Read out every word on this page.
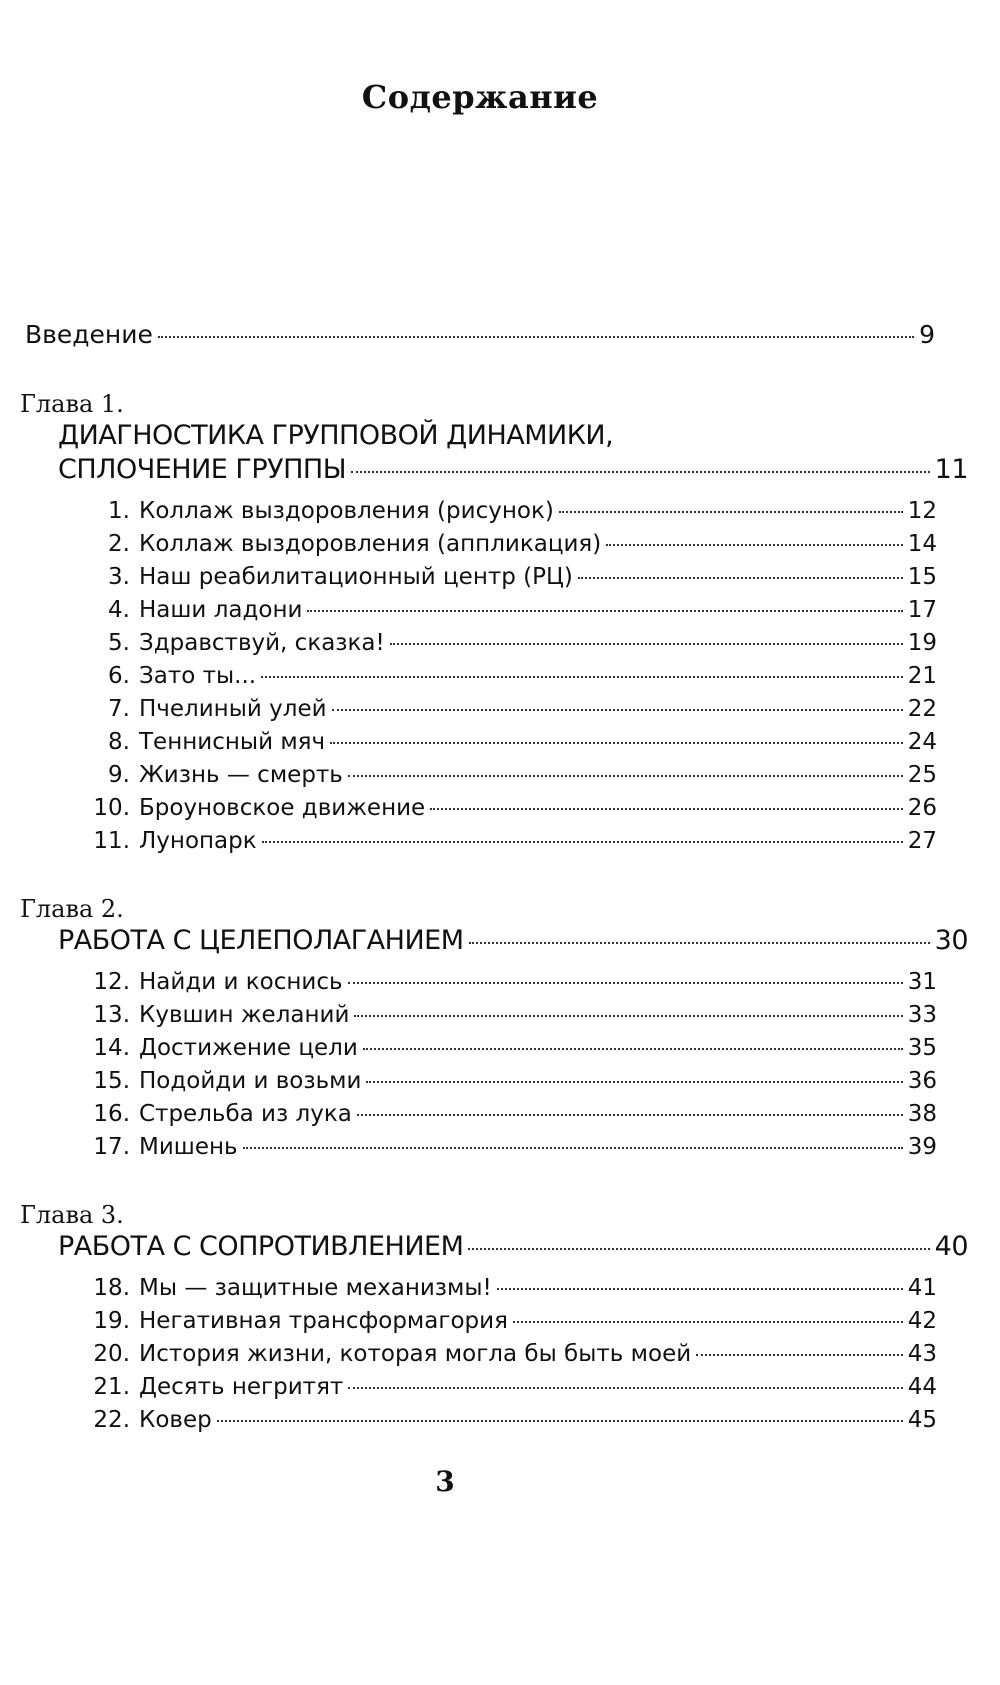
Содержание
Введение	9
Глава 1.
ДИАГНОСТИКА ГРУППОВОЙ ДИНАМИКИ,
СПЛОЧЕНИЕ ГРУППЫ	11
1. Коллаж выздоровления (рисунок)	12
2. Коллаж выздоровления (аппликация)	14
3. Наш реабилитационный центр (РЦ)	15
4. Наши ладони	17
5. Здравствуй, сказка!	19
6. Зато ты...	21
7. Пчелиный улей	22
8. Теннисный мяч	24
9. Жизнь — смерть	25
10. Броуновское движение	26
11. Лунопарк	27
Глава 2.
РАБОТА С ЦЕЛЕПОЛАГАНИЕМ	30
12. Найди и коснись	31
13. Кувшин желаний	33
14. Достижение цели	35
15. Подойди и возьми	36
16. Стрельба из лука	38
17. Мишень	39
Глава 3.
РАБОТА С СОПРОТИВЛЕНИЕМ	40
18. Мы — защитные механизмы!	41
19. Негативная трансформагория	42
20. История жизни, которая могла бы быть моей	43
21. Десять негритят	44
22. Ковер	45
3
